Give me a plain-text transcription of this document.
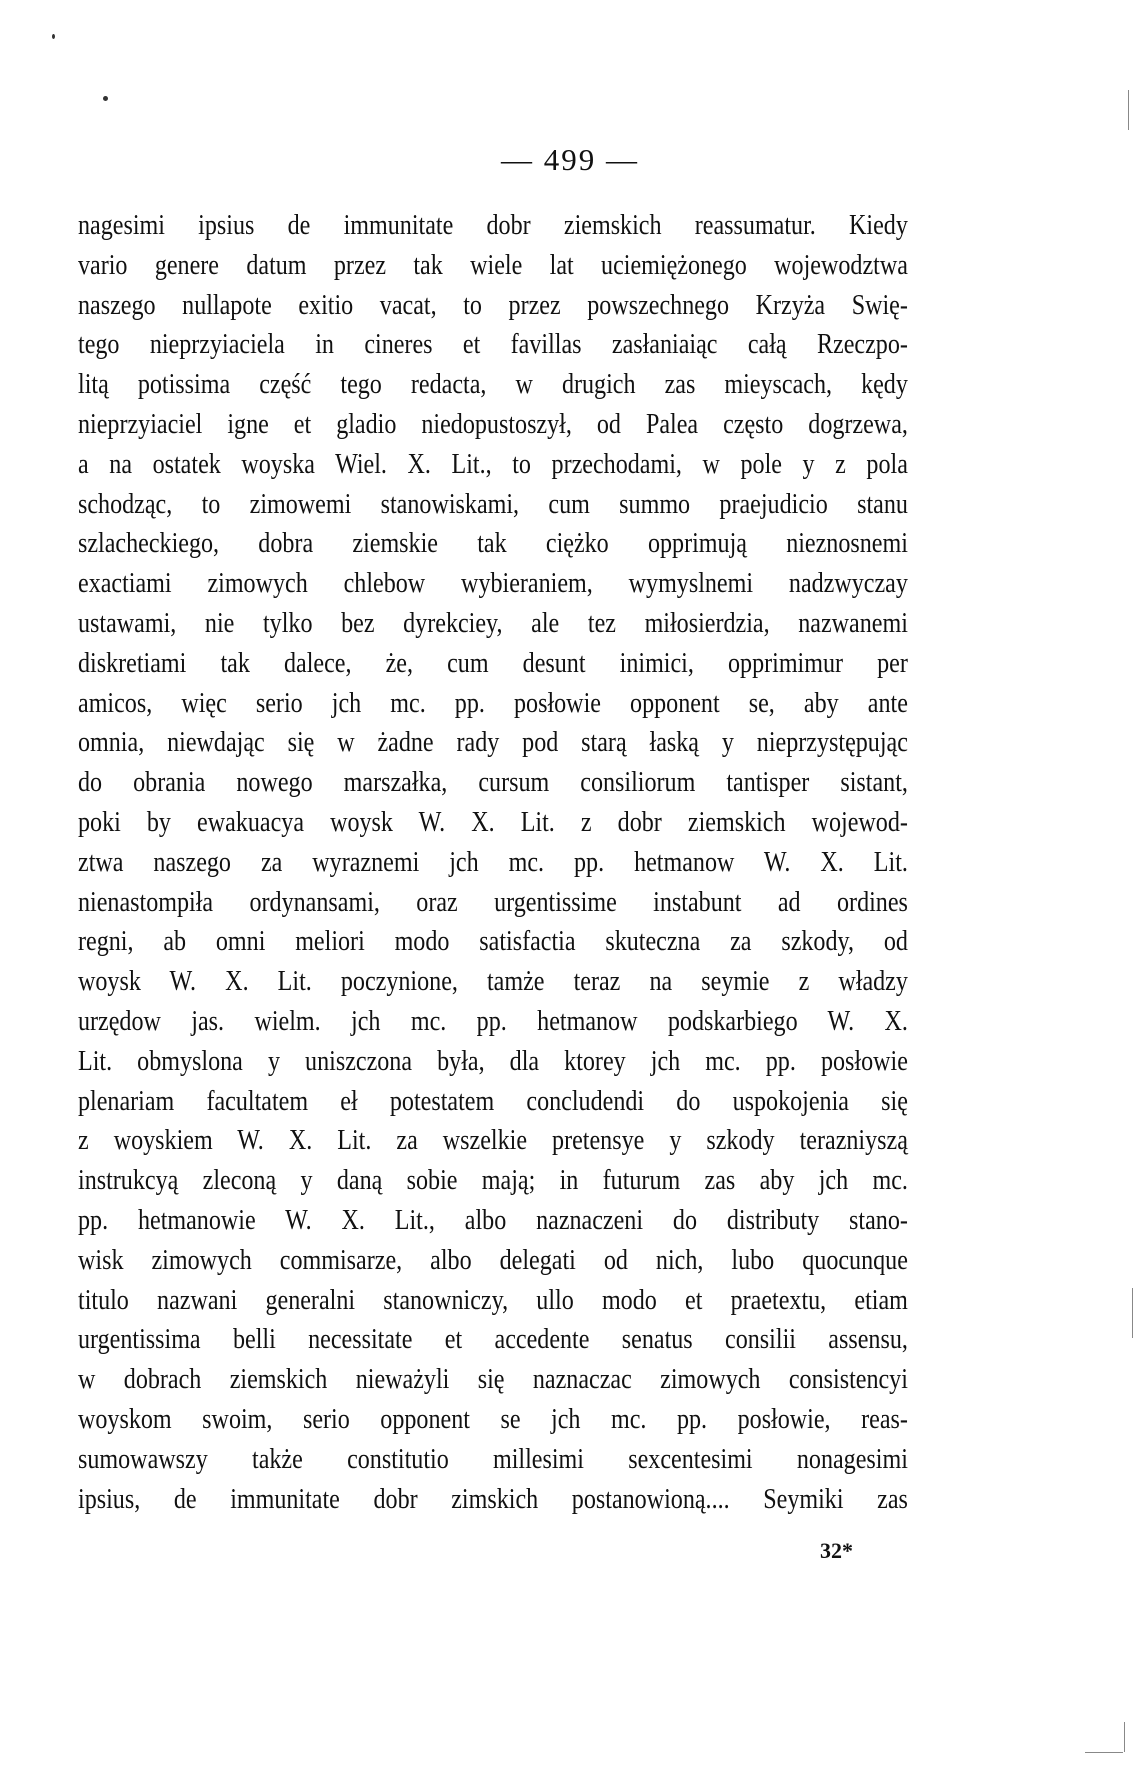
— 499 —
nagesimi ipsius de immunitate dobr ziemskich reassumatur. Kiedy
vario genere datum przez tak wiele lat uciemiężonego wojewodztwa
naszego nullapote exitio vacat, to przez powszechnego Krzyża Swię-
tego nieprzyiaciela in cineres et favillas zasłaniaiąc całą Rzeczpo-
litą potissima część tego redacta, w drugich zas mieyscach, kędy
nieprzyiaciel igne et gladio niedopustoszył, od Palea często dogrzewa,
a na ostatek woyska Wiel. X. Lit., to przechodami, w pole y z pola
schodząc, to zimowemi stanowiskami, cum summo praejudicio stanu
szlacheckiego, dobra ziemskie tak ciężko opprimują nieznosnemi
exactiami zimowych chlebow wybieraniem, wymyslnemi nadzwyczay
ustawami, nie tylko bez dyrekciey, ale tez miłosierdzia, nazwanemi
diskretiami tak dalece, że, cum desunt inimici, opprimimur per
amicos, więc serio jch mc. pp. posłowie opponent se, aby ante
omnia, niewdając się w żadne rady pod starą łaską y nieprzystępując
do obrania nowego marszałka, cursum consiliorum tantisper sistant,
poki by ewakuacya woysk W. X. Lit. z dobr ziemskich wojewod-
ztwa naszego za wyraznemi jch mc. pp. hetmanow W. X. Lit.
nienastompiła ordynansami, oraz urgentissime instabunt ad ordines
regni, ab omni meliori modo satisfactia skuteczna za szkody, od
woysk W. X. Lit. poczynione, tamże teraz na seymie z władzy
urzędow jas. wielm. jch mc. pp. hetmanow podskarbiego W. X.
Lit. obmyslona y uniszczona była, dla ktorey jch mc. pp. posłowie
plenariam facultatem eł potestatem concludendi do uspokojenia się
z woyskiem W. X. Lit. za wszelkie pretensye y szkody terazniyszą
instrukcyą zleconą y daną sobie mają; in futurum zas aby jch mc.
pp. hetmanowie W. X. Lit., albo naznaczeni do distributy stano-
wisk zimowych commisarze, albo delegati od nich, lubo quocunque
titulo nazwani generalni stanowniczy, ullo modo et praetextu, etiam
urgentissima belli necessitate et accedente senatus consilii assensu,
w dobrach ziemskich nieważyli się naznaczac zimowych consistencyi
woyskom swoim, serio opponent se jch mc. pp. posłowie, reas-
sumowawszy także constitutio millesimi sexcentesimi nonagesimi
ipsius, de immunitate dobr zimskich postanowioną.... Seymiki zas
32*
